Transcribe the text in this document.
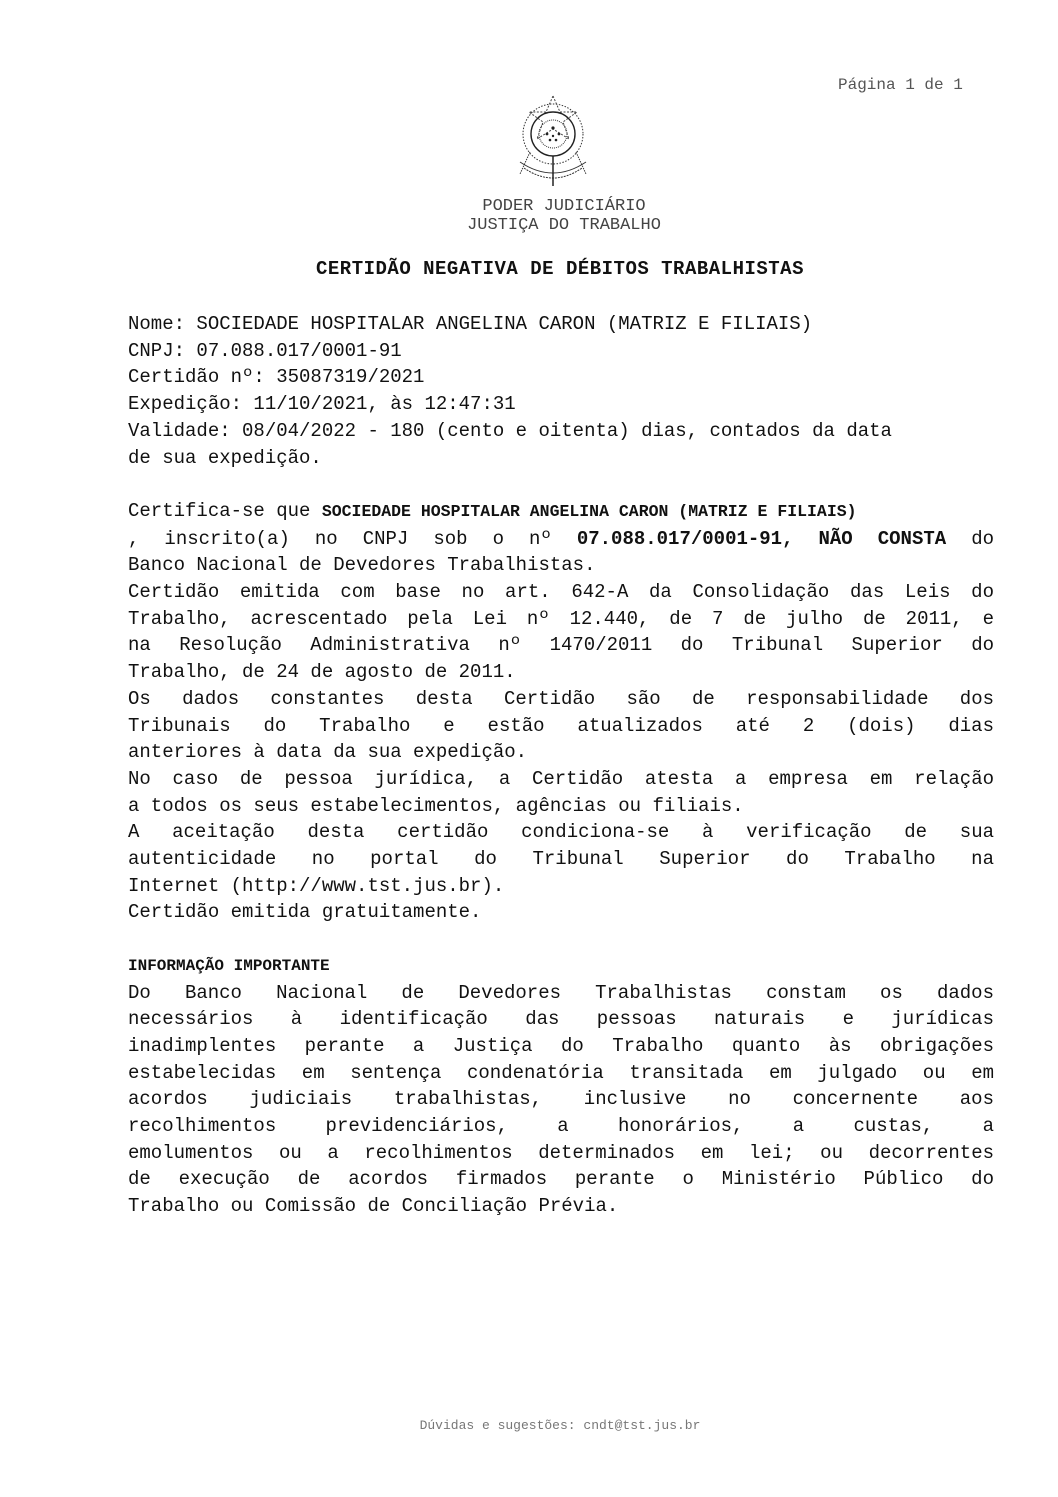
Página 1 de 1
PODER JUDICIÁRIO
JUSTIÇA DO TRABALHO
CERTIDÃO NEGATIVA DE DÉBITOS TRABALHISTAS
Nome: SOCIEDADE HOSPITALAR ANGELINA CARON (MATRIZ E FILIAIS)
CNPJ: 07.088.017/0001-91
Certidão nº: 35087319/2021
Expedição: 11/10/2021, às 12:47:31
Validade: 08/04/2022 - 180 (cento e oitenta) dias, contados da data
de sua expedição.
Certifica-se que SOCIEDADE HOSPITALAR ANGELINA CARON (MATRIZ E FILIAIS)
, inscrito(a) no CNPJ sob o nº 07.088.017/0001-91, NÃO CONSTA do
Banco Nacional de Devedores Trabalhistas.
Certidão emitida com base no art. 642-A da Consolidação das Leis do
Trabalho, acrescentado pela Lei nº 12.440, de 7 de julho de 2011, e
na Resolução Administrativa nº 1470/2011 do Tribunal Superior do
Trabalho, de 24 de agosto de 2011.
Os dados constantes desta Certidão são de responsabilidade dos
Tribunais do Trabalho e estão atualizados até 2 (dois) dias
anteriores à data da sua expedição.
No caso de pessoa jurídica, a Certidão atesta a empresa em relação
a todos os seus estabelecimentos, agências ou filiais.
A aceitação desta certidão condiciona-se à verificação de sua
autenticidade no portal do Tribunal Superior do Trabalho na
Internet (http://www.tst.jus.br).
Certidão emitida gratuitamente.
INFORMAÇÃO IMPORTANTE
Do Banco Nacional de Devedores Trabalhistas constam os dados
necessários à identificação das pessoas naturais e jurídicas
inadimplentes perante a Justiça do Trabalho quanto às obrigações
estabelecidas em sentença condenatória transitada em julgado ou em
acordos judiciais trabalhistas, inclusive no concernente aos
recolhimentos previdenciários, a honorários, a custas, a
emolumentos ou a recolhimentos determinados em lei; ou decorrentes
de execução de acordos firmados perante o Ministério Público do
Trabalho ou Comissão de Conciliação Prévia.
Dúvidas e sugestões: cndt@tst.jus.br
